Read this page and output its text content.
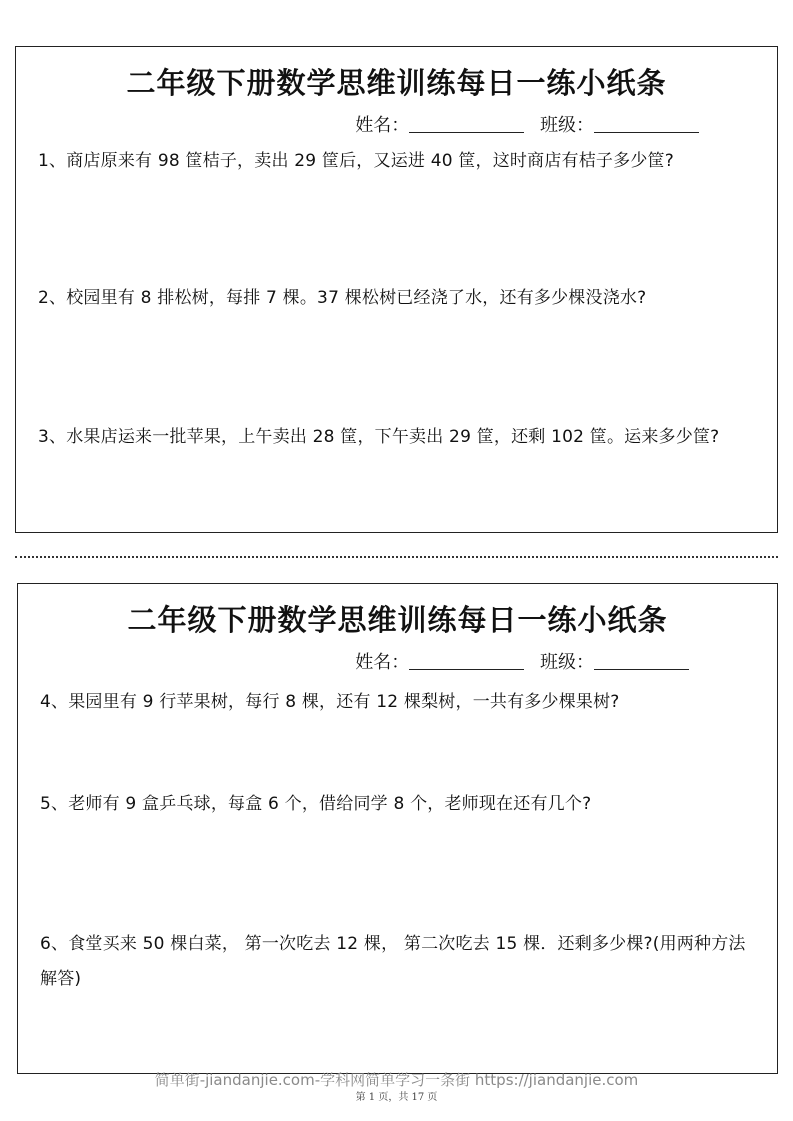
二年级下册数学思维训练每日一练小纸条
姓名：	班级：
1、商店原来有 98 筐桔子，卖出 29 筐后，又运进 40 筐，这时商店有桔子多少筐?
2、校园里有 8 排松树，每排 7 棵。37 棵松树已经浇了水，还有多少棵没浇水?
3、水果店运来一批苹果，上午卖出 28 筐，下午卖出 29 筐，还剩 102 筐。运来多少筐?
二年级下册数学思维训练每日一练小纸条
姓名：	班级：
4、果园里有 9 行苹果树，每行 8 棵，还有 12 棵梨树，一共有多少棵果树?
5、老师有 9 盒乒乓球，每盒 6 个，借给同学 8 个，老师现在还有几个?
6、食堂买来 50 棵白菜， 第一次吃去 12 棵， 第二次吃去 15 棵．还剩多少棵?(用两种方法解答)
简单街-jiandanjie.com-学科网简单学习一条街 https://jiandanjie.com
第 1 页，共 17 页
